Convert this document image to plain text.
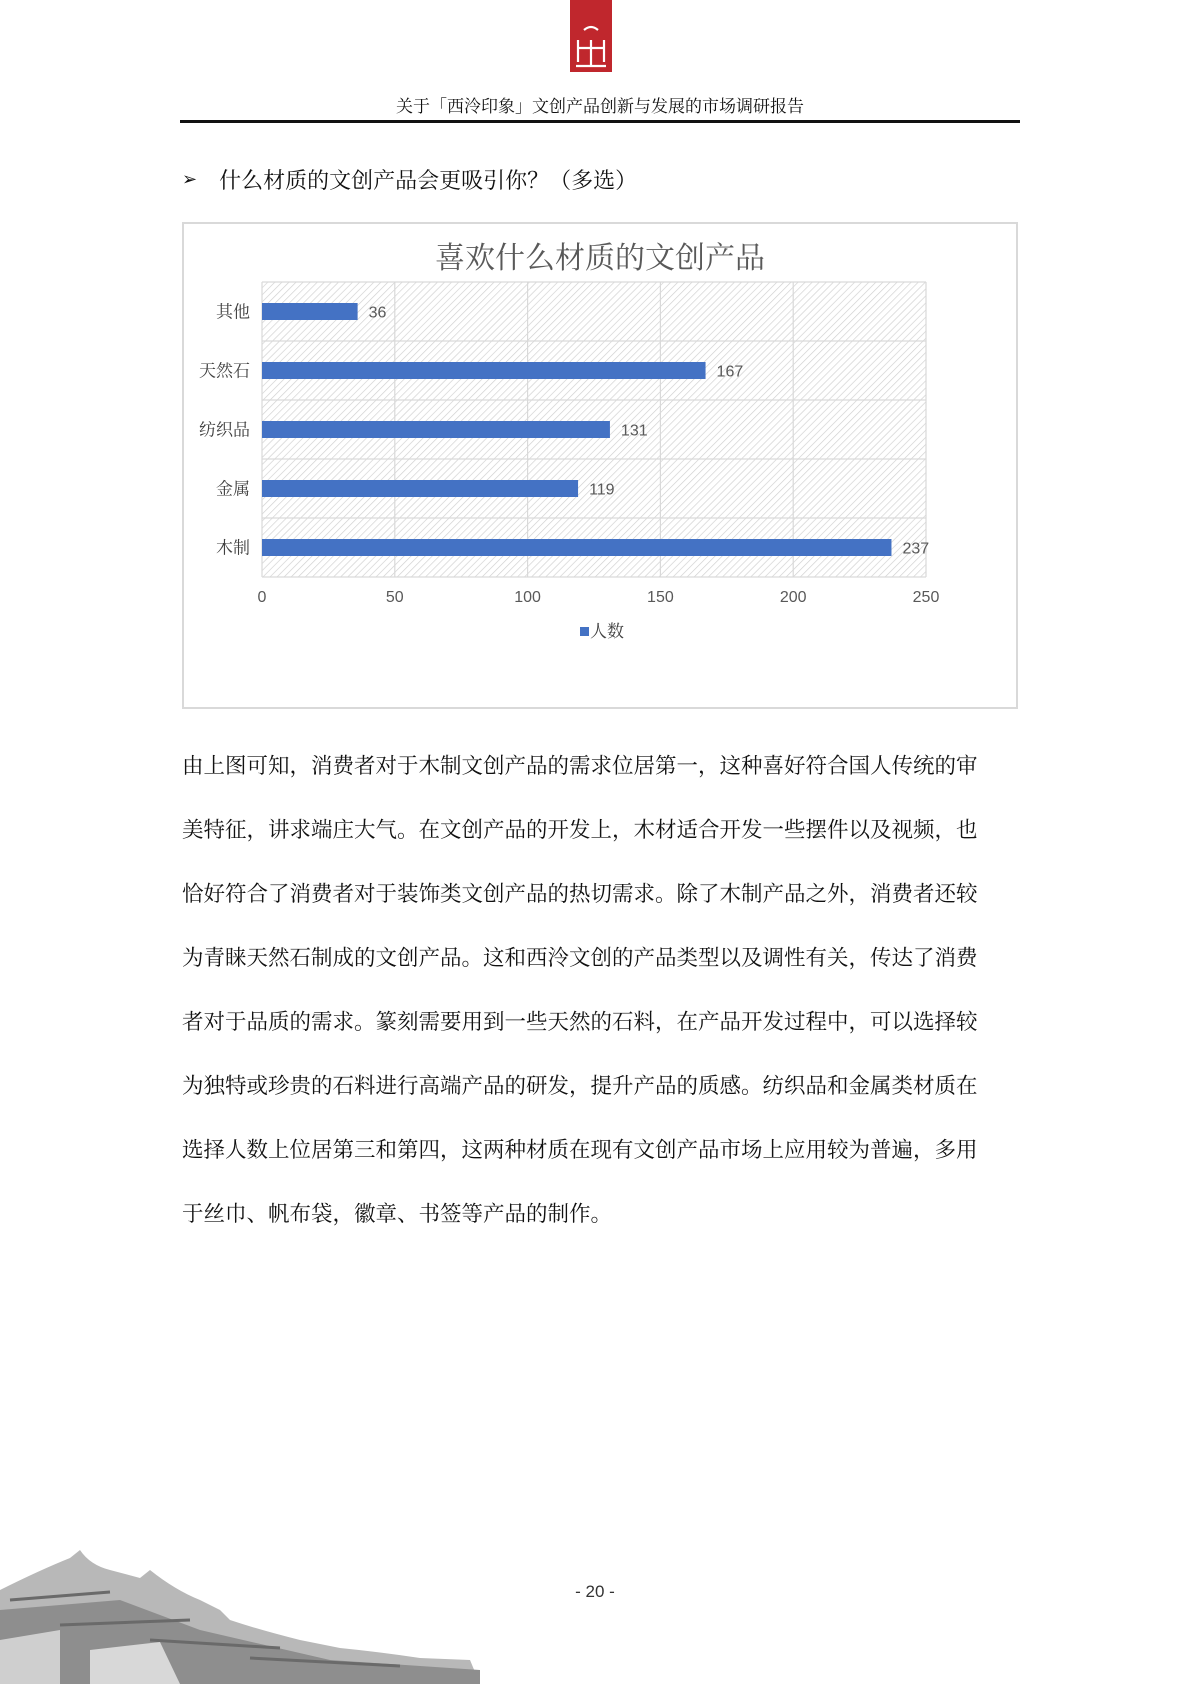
关于「西泠印象」文创产品创新与发展的市场调研报告
➢ 什么材质的文创产品会更吸引你？（多选）
喜欢什么材质的文创产品
0	50	100	150	200	250
其他	36
天然石	167
纺织品	131
金属	119
木制	237
人数

由上图可知，消费者对于木制文创产品的需求位居第一，这种喜好符合国人传统的审

美特征，讲求端庄大气。在文创产品的开发上，木材适合开发一些摆件以及视频，也

恰好符合了消费者对于装饰类文创产品的热切需求。除了木制产品之外，消费者还较

为青睐天然石制成的文创产品。这和西泠文创的产品类型以及调性有关，传达了消费

者对于品质的需求。篆刻需要用到一些天然的石料，在产品开发过程中，可以选择较

为独特或珍贵的石料进行高端产品的研发，提升产品的质感。纺织品和金属类材质在

选择人数上位居第三和第四，这两种材质在现有文创产品市场上应用较为普遍，多用

于丝巾、帆布袋，徽章、书签等产品的制作。

- 20 -
